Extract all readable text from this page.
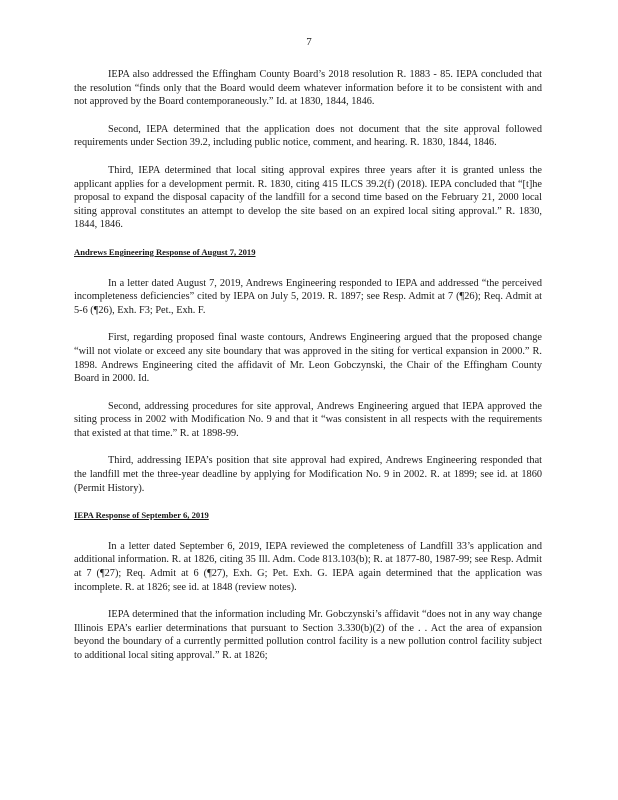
7

IEPA also addressed the Effingham County Board’s 2018 resolution R. 1883 - 85. IEPA concluded that the resolution “finds only that the Board would deem whatever information before it to be consistent with and not approved by the Board contemporaneously.” Id. at 1830, 1844, 1846.

Second, IEPA determined that the application does not document that the site approval followed requirements under Section 39.2, including public notice, comment, and hearing. R. 1830, 1844, 1846.

Third, IEPA determined that local siting approval expires three years after it is granted unless the applicant applies for a development permit. R. 1830, citing 415 ILCS 39.2(f) (2018). IEPA concluded that “[t]he proposal to expand the disposal capacity of the landfill for a second time based on the February 21, 2000 local siting approval constitutes an attempt to develop the site based on an expired local siting approval.” R. 1830, 1844, 1846.

Andrews Engineering Response of August 7, 2019

In a letter dated August 7, 2019, Andrews Engineering responded to IEPA and addressed “the perceived incompleteness deficiencies” cited by IEPA on July 5, 2019. R. 1897; see Resp. Admit at 7 (¶26); Req. Admit at 5-6 (¶26), Exh. F3; Pet., Exh. F.

First, regarding proposed final waste contours, Andrews Engineering argued that the proposed change “will not violate or exceed any site boundary that was approved in the siting for vertical expansion in 2000.” R. 1898. Andrews Engineering cited the affidavit of Mr. Leon Gobczynski, the Chair of the Effingham County Board in 2000. Id.

Second, addressing procedures for site approval, Andrews Engineering argued that IEPA approved the siting process in 2002 with Modification No. 9 and that it “was consistent in all respects with the requirements that existed at that time.” R. at 1898-99.

Third, addressing IEPA’s position that site approval had expired, Andrews Engineering responded that the landfill met the three-year deadline by applying for Modification No. 9 in 2002. R. at 1899; see id. at 1860 (Permit History).

IEPA Response of September 6, 2019

In a letter dated September 6, 2019, IEPA reviewed the completeness of Landfill 33’s application and additional information. R. at 1826, citing 35 Ill. Adm. Code 813.103(b); R. at 1877-80, 1987-99; see Resp. Admit at 7 (¶27); Req. Admit at 6 (¶27), Exh. G; Pet. Exh. G. IEPA again determined that the application was incomplete. R. at 1826; see id. at 1848 (review notes).

IEPA determined that the information including Mr. Gobczynski’s affidavit “does not in any way change Illinois EPA’s earlier determinations that pursuant to Section 3.330(b)(2) of the . . Act the area of expansion beyond the boundary of a currently permitted pollution control facility is a new pollution control facility subject to additional local siting approval.” R. at 1826;
